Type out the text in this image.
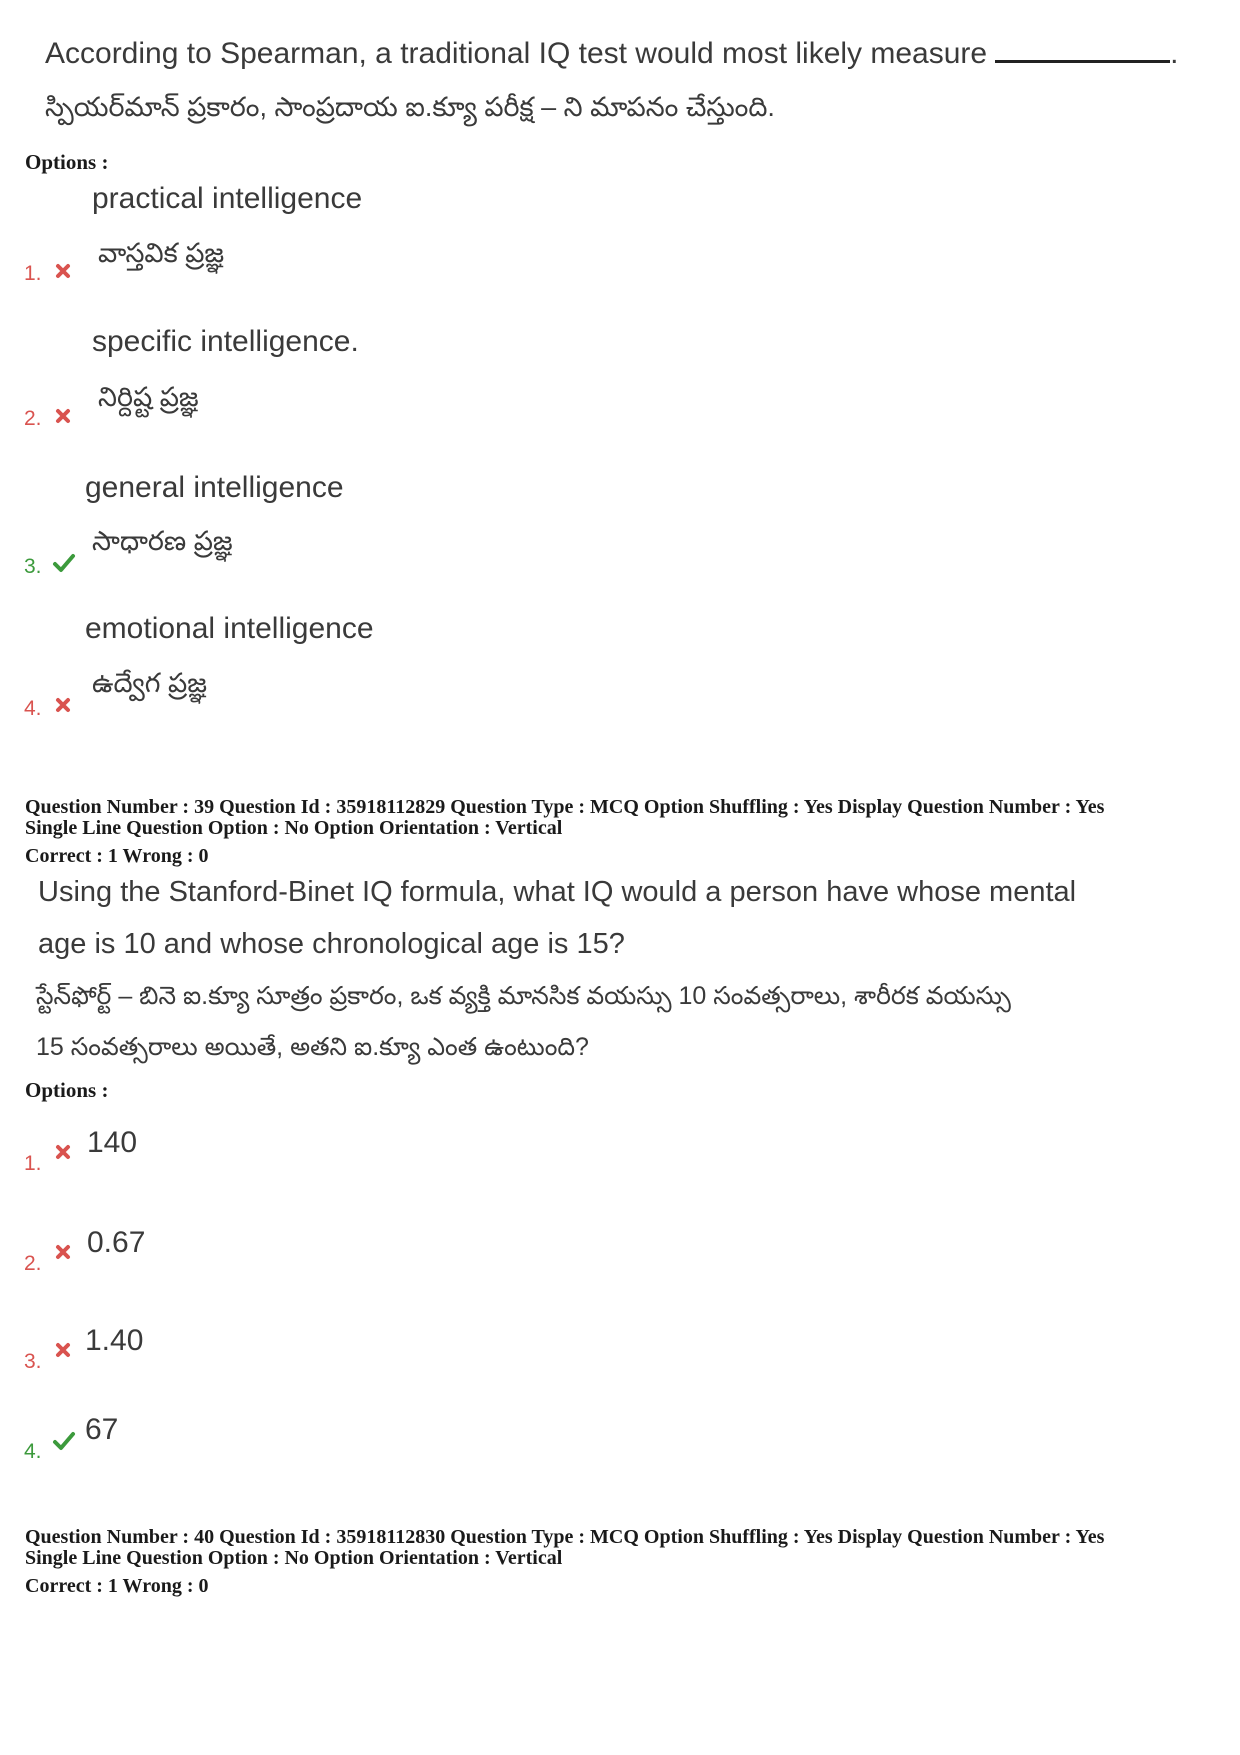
According to Spearman, a traditional IQ test would most likely measure	.
స్పియర్‌మాన్ ప్రకారం, సాంప్రదాయ ఐ.క్యూ పరీక్ష – ని మాపనం చేస్తుంది.
Options :
practical intelligence
వాస్తవిక ప్రజ్ఞ
1.
specific intelligence.
నిర్దిష్ట ప్రజ్ఞ
2.
general intelligence
సాధారణ ప్రజ్ఞ
3.
emotional intelligence
ఉద్వేగ ప్రజ్ఞ
4.
Question Number : 39 Question Id : 35918112829 Question Type : MCQ Option Shuffling : Yes Display Question Number : Yes
Single Line Question Option : No Option Orientation : Vertical
Correct : 1 Wrong : 0
Using the Stanford-Binet IQ formula, what IQ would a person have whose mental
age is 10 and whose chronological age is 15?
స్టేన్‌ఫోర్ట్ – బినె ఐ.క్యూ సూత్రం ప్రకారం, ఒక వ్యక్తి మానసిక వయస్సు 10 సంవత్సరాలు, శారీరక వయస్సు
15 సంవత్సరాలు అయితే, అతని ఐ.క్యూ ఎంత ఉంటుంది?
Options :
1.
140
2.
0.67
3.
1.40
4.
67
Question Number : 40 Question Id : 35918112830 Question Type : MCQ Option Shuffling : Yes Display Question Number : Yes
Single Line Question Option : No Option Orientation : Vertical
Correct : 1 Wrong : 0
